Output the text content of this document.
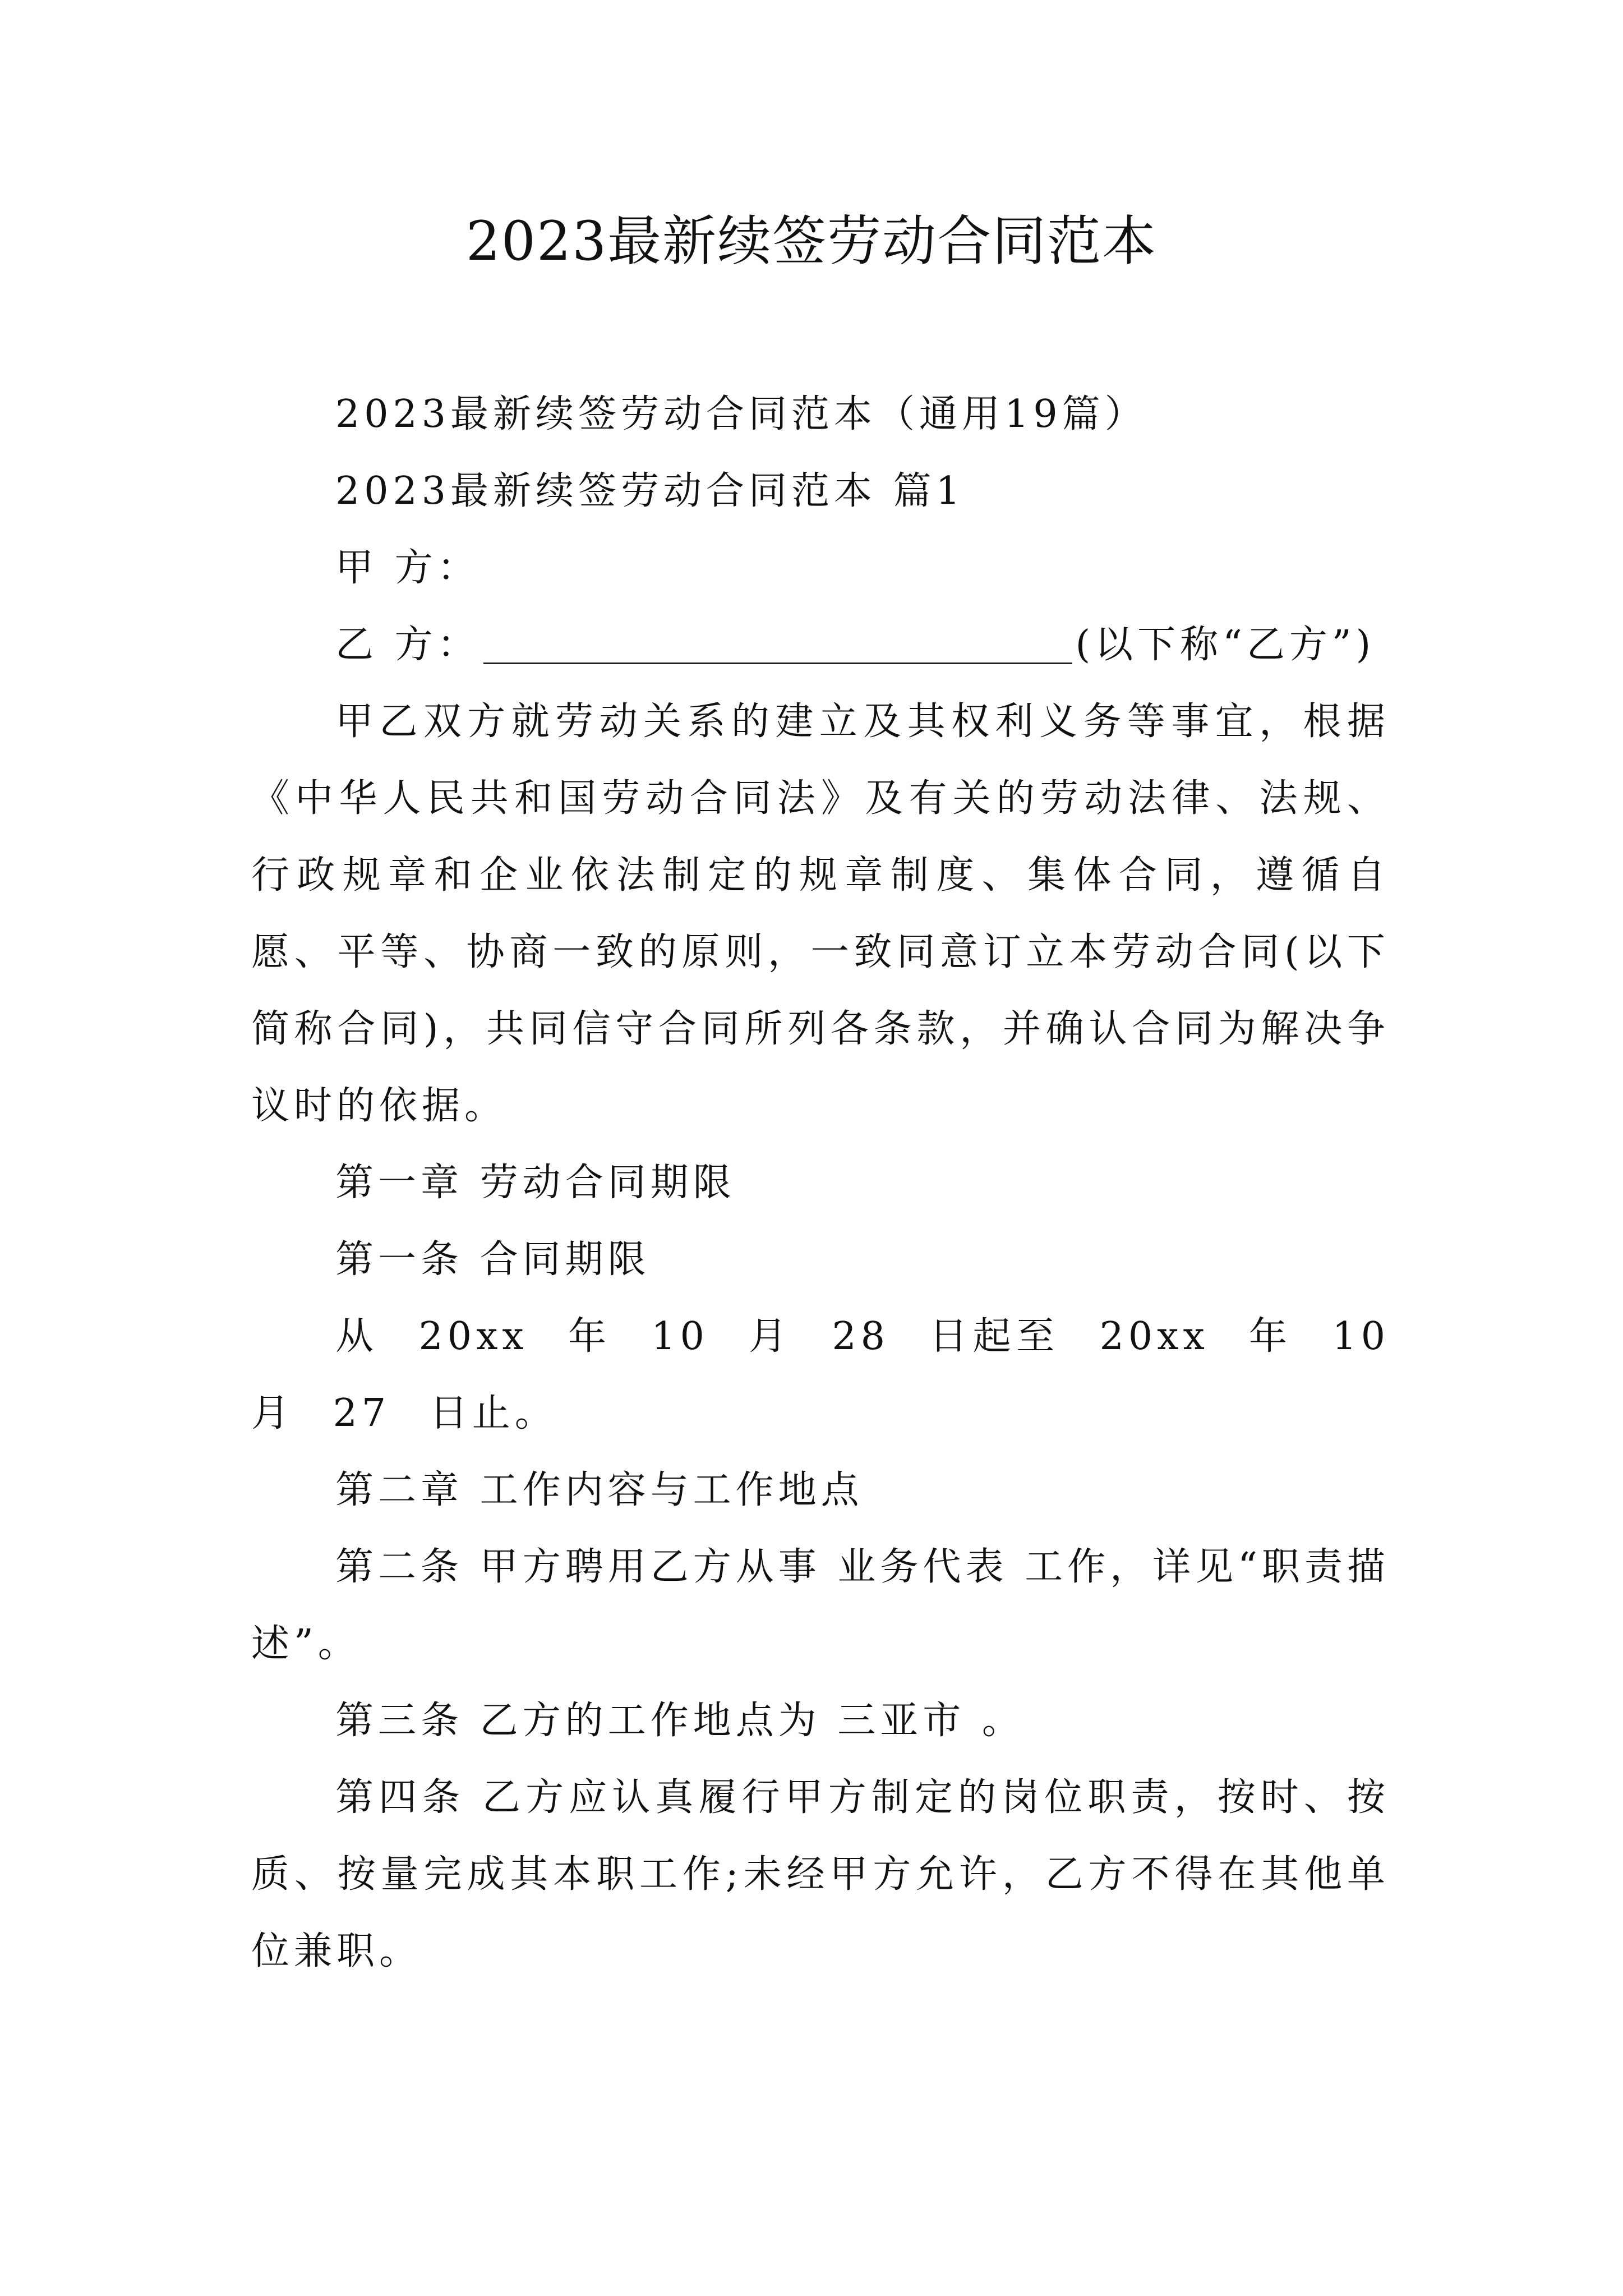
2023最新续签劳动合同范本

2023最新续签劳动合同范本（通用19篇）

2023最新续签劳动合同范本 篇1

甲 方：

乙 方：	(以下称“乙方”)

甲乙双方就劳动关系的建立及其权利义务等事宜，根据《中华人民共和国劳动合同法》及有关的劳动法律、法规、行政规章和企业依法制定的规章制度、集体合同，遵循自愿、平等、协商一致的原则，一致同意订立本劳动合同(以下简称合同)，共同信守合同所列各条款，并确认合同为解决争议时的依据。

第一章 劳动合同期限

第一条 合同期限

从 20xx 年 10 月 28 日起至 20xx 年 10 月 27 日止。

第二章 工作内容与工作地点

第二条 甲方聘用乙方从事 业务代表 工作，详见“职责描述”。

第三条 乙方的工作地点为 三亚市 。

第四条 乙方应认真履行甲方制定的岗位职责，按时、按质、按量完成其本职工作;未经甲方允许，乙方不得在其他单位兼职。
